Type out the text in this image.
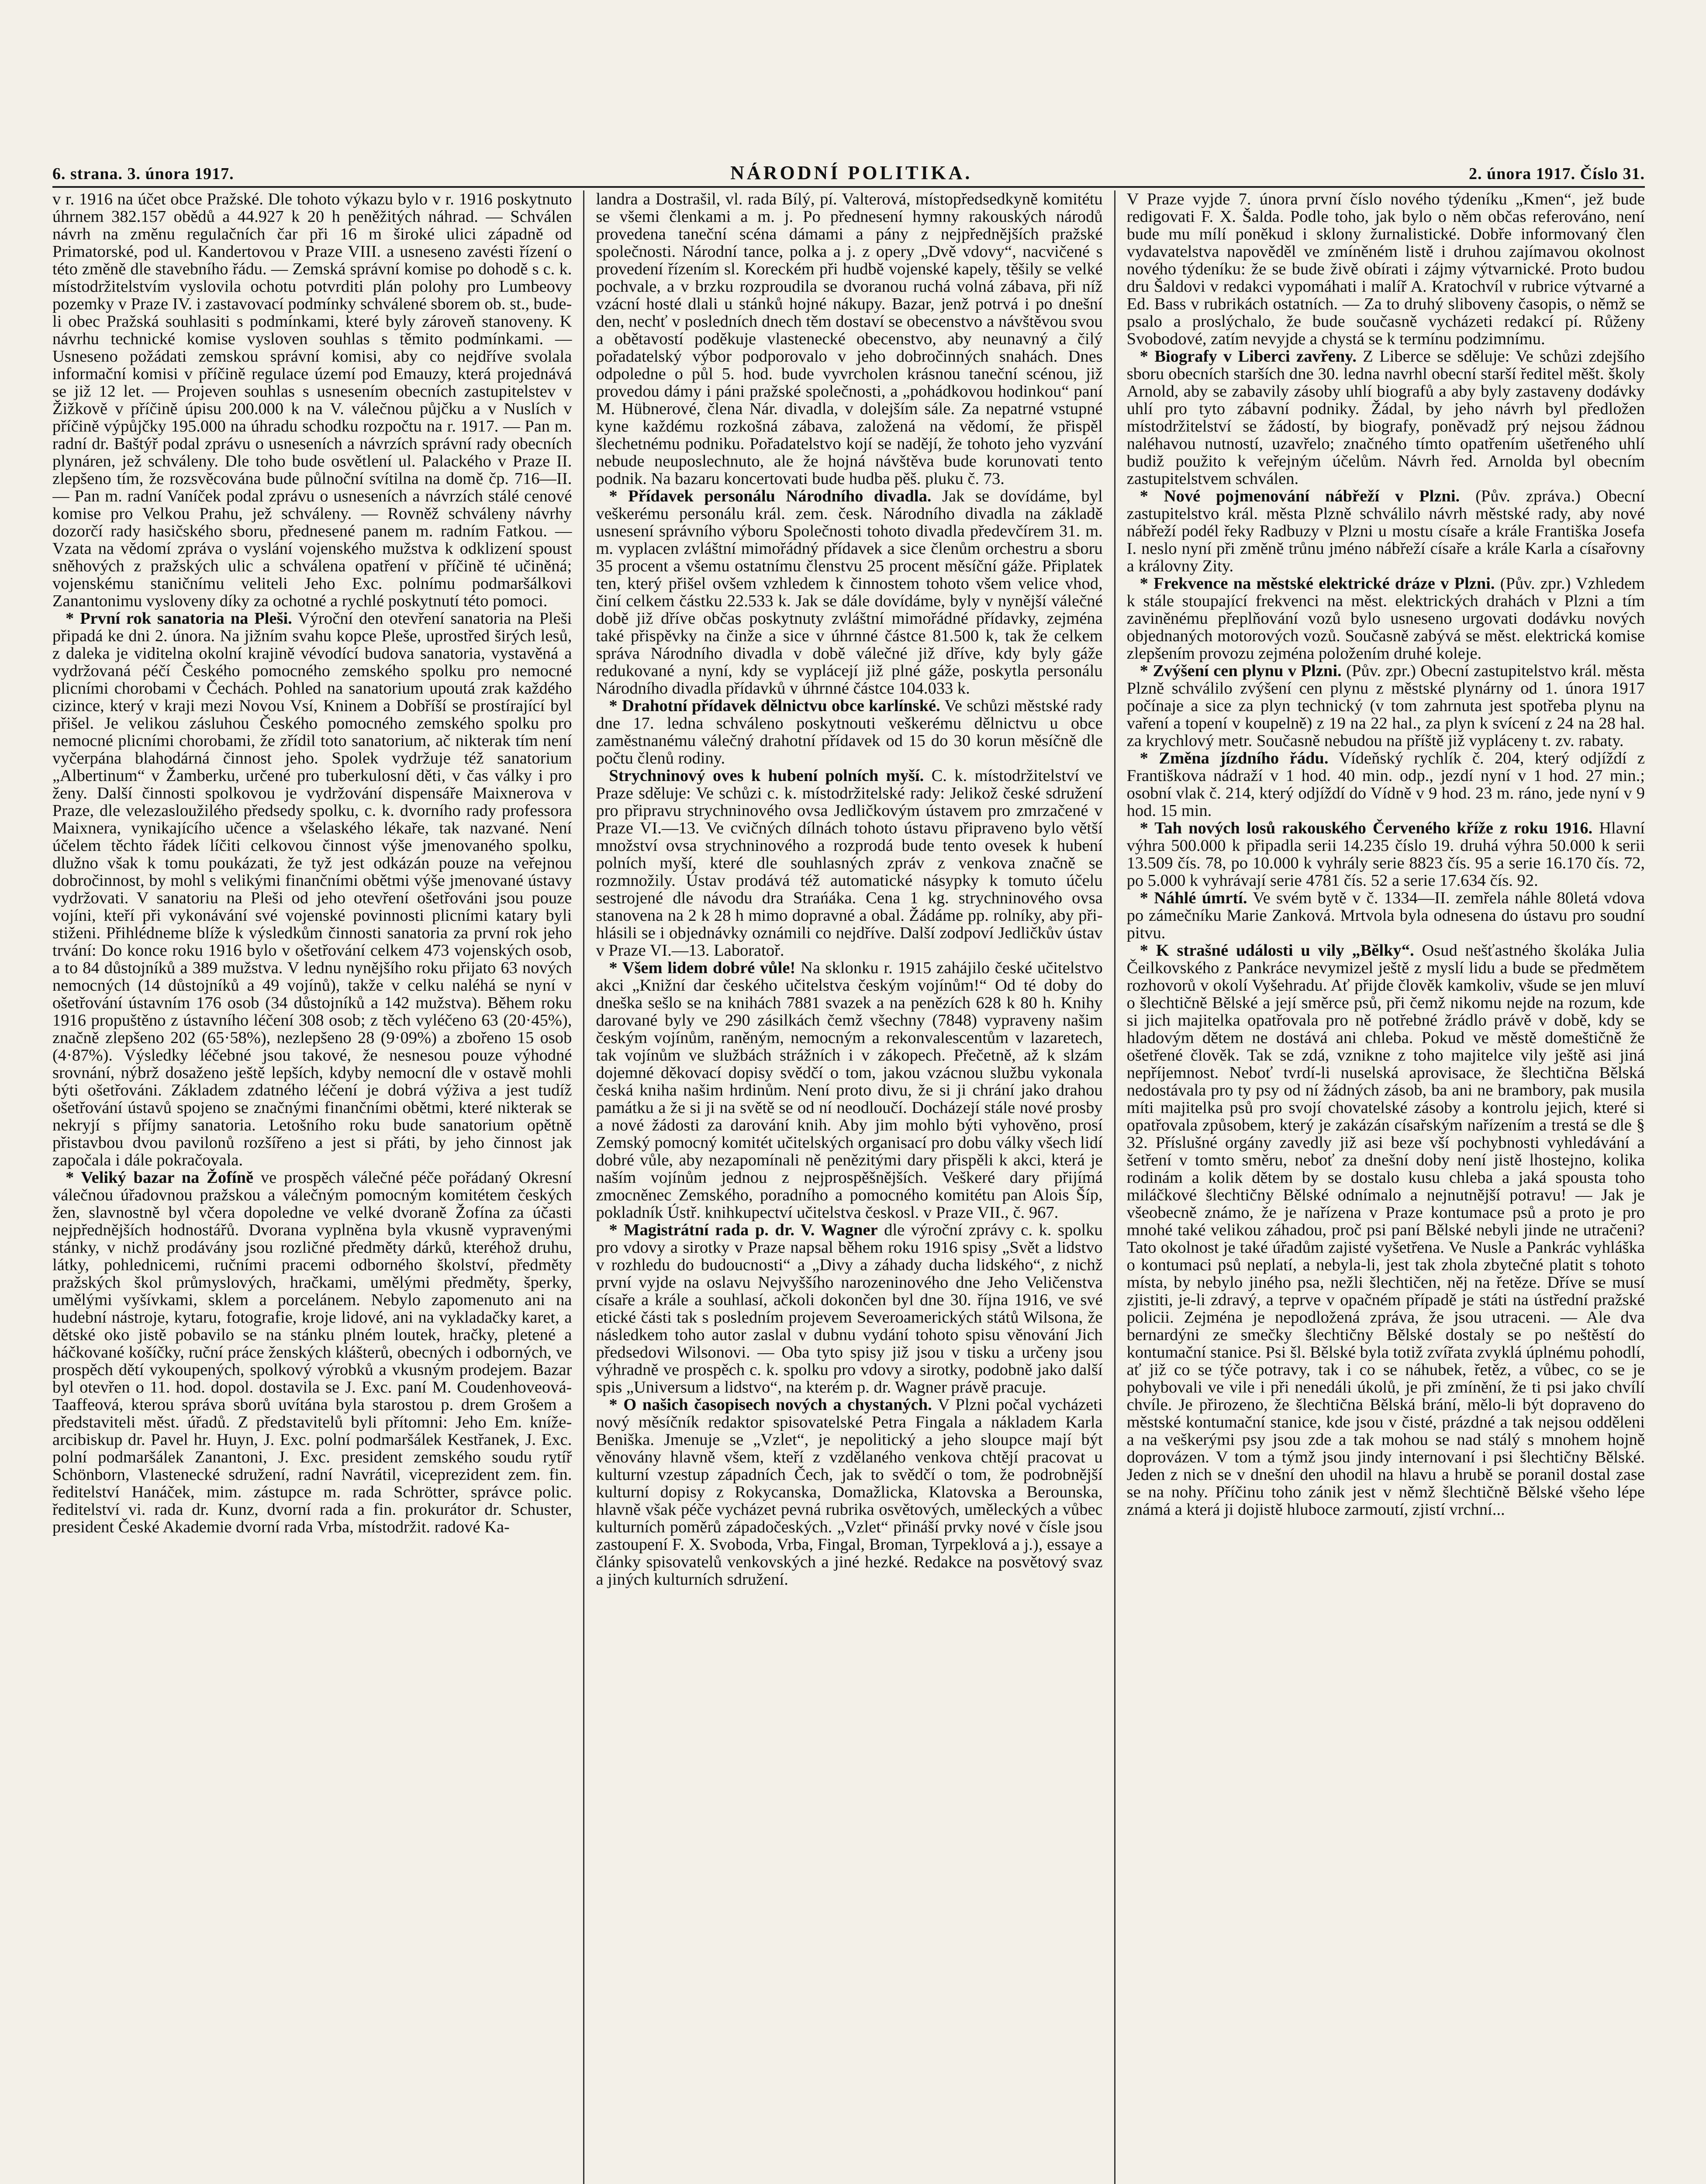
6. strana. 3. února 1917.	NÁRODNÍ POLITIKA.	2. února 1917. Číslo 31.

v r. 1916 na účet obce Pražské. Dle tohoto výkazu bylo v r. 1916 poskytnuto úhrnem 382.157 obědů a 44.927 k 20 h peněžitých náhrad. — Schválen návrh na změnu regulačních čar při 16 m široké ulici západně od Primatorské, pod ul. Kandertovou v Praze VIII. a usneseno zavésti řízení o této změně dle stavebního řádu. — Zemská správní komise po dohodě s c. k. místodržitelstvím vyslovila ochotu potvrditi plán polohy pro Lumbeovy pozemky v Praze IV. i zastavovací podmínky schválené sborem ob. st., bude-li obec Pražská souhlasiti s podmínkami, které byly zároveň stanoveny. K návrhu technické komise vysloven souhlas s těmito podmínkami. — Usneseno požádati zemskou správní komisi, aby co nejdříve svolala informační komisi v příčině regulace území pod Emauzy, která projednává se již 12 let. — Projeven souhlas s usnesením obecních zastupitelstev v Žižkově v příčině úpisu 200.000 k na V. válečnou půjčku a v Nuslích v příčině výpůjčky 195.000 na úhradu schodku rozpočtu na r. 1917. — Pan m. radní dr. Baštýř podal zprávu o usneseních a návrzích správní rady obecních plynáren, jež schváleny. Dle toho bude osvětlení ul. Palackého v Praze II. zlepšeno tím, že rozsvěcována bude půlnoční svítilna na domě čp. 716—II. — Pan m. radní Vaníček podal zprávu o usneseních a návrzích stálé cenové komise pro Velkou Prahu, jež schváleny. — Rovněž schváleny návrhy dozorčí rady hasičského sboru, přednesené panem m. radním Fatkou. — Vzata na vědomí zpráva o vyslání vojenského mužstva k odklizení spoust sněhových z pražských ulic a schválena opatření v příčině té učiněná; vojenskému staničnímu veliteli Jeho Exc. polnímu podmaršálkovi Zanantonimu vysloveny díky za ochotné a rychlé poskytnutí této pomoci.

* První rok sanatoria na Pleši. Výroční den otevření sanatoria na Pleši připadá ke dni 2. února. Na jižním svahu kopce Pleše, uprostřed širých lesů, z daleka je viditelna okolní krajině vévodící budova sanatoria, vystavěná a vydržovaná péčí Českého pomocného zemského spolku pro nemocné plicními chorobami v Čechách. Pohled na sanatorium upoutá zrak každého cizince, který v kraji mezi Novou Vsí, Kninem a Dobříší se prostírající byl přišel. Je velikou zásluhou Českého pomocného zemského spolku pro nemocné plicními chorobami, že zřídil toto sanatorium, ač nikterak tím není vyčerpána blahodárná činnost jeho. Spolek vydržuje též sanatorium „Albertinum“ v Žamberku, určené pro tuberkulosní děti, v čas války i pro ženy. Další činnosti spolkovou je vydržování dispensáře Maixnerova v Praze, dle velezasloužilého předsedy spolku, c. k. dvorního rady professora Maixnera, vynikajícího učence a všelaského lékaře, tak nazvané. Není účelem těchto řádek líčiti celkovou činnost výše jmenovaného spolku, dlužno však k tomu poukázati, že tyž jest odkázán pouze na veřejnou dobročinnost, by mohl s velikými finančními obětmi výše jmenované ústavy vydržovati. V sanatoriu na Pleši od jeho otevření ošetřováni jsou pouze vojíni, kteří při vykonávání své vojenské povinnosti plicními katary byli stiženi. Přihlédneme blíže k výsledkům činnosti sanatoria za první rok jeho trvání: Do konce roku 1916 bylo v ošetřování celkem 473 vojenských osob, a to 84 důstojníků a 389 mužstva. V lednu nynějšího roku přijato 63 nových nemocných (14 důstojníků a 49 vojínů), takže v celku naléhá se nyní v ošetřování ústavním 176 osob (34 důstojníků a 142 mužstva). Během roku 1916 propuštěno z ústavního léčení 308 osob; z těch vyléčeno 63 (20·45%), značně zlepšeno 202 (65·58%), nezlepšeno 28 (9·09%) a zbořeno 15 osob (4·87%). Výsledky léčebné jsou takové, že nesnesou pouze výhodné srovnání, nýbrž dosaženo ještě lepších, kdyby nemocní dle v ostavě mohli býti ošetřováni. Základem zdatného léčení je dobrá výživa a jest tudíž ošetřování ústavů spojeno se značnými finančními obětmi, které nikterak se nekryjí s příjmy sanatoria. Letošního roku bude sanatorium opětně přistavbou dvou pavilonů rozšířeno a jest si přáti, by jeho činnost jak započala i dále pokračovala.

* Veliký bazar na Žofíně ve prospěch válečné péče pořádaný Okresní válečnou úřadovnou pražskou a válečným pomocným komitétem českých žen, slavnostně byl včera dopoledne ve velké dvoraně Žofína za účasti nejpřednějších hodnostářů. Dvorana vyplněna byla vkusně vypravenými stánky, v nichž prodávány jsou rozličné předměty dárků, kteréhož druhu, látky, pohlednicemi, ručními pracemi odborného školství, předměty pražských škol průmyslových, hračkami, umělými předměty, šperky, umělými vyšívkami, sklem a porcelánem. Nebylo zapomenuto ani na hudební nástroje, kytaru, fotografie, kroje lidové, ani na vykladačky karet, a dětské oko jistě pobavilo se na stánku plném loutek, hračky, pletené a háčkované košíčky, ruční práce ženských klášterů, obecných i odborných, ve prospěch dětí vykoupených, spolkový výrobků a vkusným prodejem. Bazar byl otevřen o 11. hod. dopol. dostavila se J. Exc. paní M. Coudenhoveová-Taaffeová, kterou správa sborů uvítána byla starostou p. drem Grošem a představiteli měst. úřadů. Z představitelů byli přítomni: Jeho Em. kníže-arcibiskup dr. Pavel hr. Huyn, J. Exc. polní podmaršálek Kestřanek, J. Exc. polní podmaršálek Zanantoni, J. Exc. president zemského soudu rytíř Schönborn, Vlastenecké sdružení, radní Navrátil, viceprezident zem. fin. ředitelství Hanáček, mim. zástupce m. rada Schrötter, správce polic. ředitelství vi. rada dr. Kunz, dvorní rada a fin. prokurátor dr. Schuster, president České Akademie dvorní rada Vrba, místodržit. radové Ka-

landra a Dostrašil, vl. rada Bílý, pí. Valterová, místopředsedkyně komitétu se všemi členkami a m. j. Po přednesení hymny rakouských národů provedena taneční scéna dámami a pány z nejpřednějších pražské společnosti. Národní tance, polka a j. z opery „Dvě vdovy“, nacvičené s provedení řízením sl. Koreckém při hudbě vojenské kapely, těšily se velké pochvale, a v brzku rozproudila se dvoranou ruchá volná zábava, při níž vzácní hosté dlali u stánků hojné nákupy. Bazar, jenž potrvá i po dnešní den, nechť v posledních dnech těm dostaví se obecenstvo a návštěvou svou a obětavostí poděkuje vlastenecké obecenstvo, aby neunavný a čilý pořadatelský výbor podporovalo v jeho dobročinných snahách. Dnes odpoledne o půl 5. hod. bude vyvrcholen krásnou taneční scénou, již provedou dámy i páni pražské společnosti, a „pohádkovou hodinkou“ paní M. Hübnerové, člena Nár. divadla, v dolejším sále. Za nepatrné vstupné kyne každému rozkošná zábava, založená na vědomí, že přispěl šlechetnému podniku. Pořadatelstvo kojí se nadějí, že tohoto jeho vyzvání nebude neuposlechnuto, ale že hojná návštěva bude korunovati tento podnik. Na bazaru koncertovati bude hudba pěš. pluku č. 73.

* Přídavek personálu Národního divadla. Jak se dovídáme, byl veškerému personálu král. zem. česk. Národního divadla na základě usnesení správního výboru Společnosti tohoto divadla předevčírem 31. m. m. vyplacen zvláštní mimořádný přídavek a sice členům orchestru a sboru 35 procent a všemu ostatnímu členstvu 25 procent měsíční gáže. Připlatek ten, který přišel ovšem vzhledem k činnostem tohoto všem velice vhod, činí celkem částku 22.533 k. Jak se dále dovídáme, byly v nynější válečné době již dříve občas poskytnuty zvláštní mimořádné přídavky, zejména také přispěvky na činže a sice v úhrnné částce 81.500 k, tak že celkem správa Národního divadla v době válečné již dříve, kdy byly gáže redukované a nyní, kdy se vyplácejí již plné gáže, poskytla personálu Národního divadla přídavků v úhrnné částce 104.033 k.

* Drahotní přídavek dělnictvu obce karlínské. Ve schůzi městské rady dne 17. ledna schváleno poskytnouti veškerému dělnictvu u obce zaměstnanému válečný drahotní přídavek od 15 do 30 korun měsíčně dle počtu členů rodiny.

Strychninový oves k hubení polních myší. C. k. místodržitelství ve Praze sděluje: Ve schůzi c. k. místodržitelské rady: Jelikož české sdružení pro připravu strychninového ovsa Jedličkovým ústavem pro zmrzačené v Praze VI.—13. Ve cvičných dílnách tohoto ústavu připraveno bylo větší množství ovsa strychninového a rozprodá bude tento ovesek k hubení polních myší, které dle souhlasných zpráv z venkova značně se rozmnožily. Ústav prodává též automatické násypky k tomuto účelu sestrojené dle návodu dra Strańáka. Cena 1 kg. strychninového ovsa stanovena na 2 k 28 h mimo dopravné a obal. Žádáme pp. rolníky, aby při-hlásili se i objednávky oznámili co nejdříve. Další zodpoví Jedličkův ústav v Praze VI.—13. Laboratoř.

* Všem lidem dobré vůle! Na sklonku r. 1915 zahájilo české učitelstvo akci „Knižní dar českého učitelstva českým vojínům!“ Od té doby do dneška sešlo se na knihách 7881 svazek a na penězích 628 k 80 h. Knihy darované byly ve 290 zásilkách čemž všechny (7848) vypraveny našim českým vojínům, raněným, nemocným a rekonvalescentům v lazaretech, tak vojínům ve službách strážních i v zákopech. Přečetně, až k slzám dojemné děkovací dopisy svědčí o tom, jakou vzácnou službu vykonala česká kniha našim hrdinům. Není proto divu, že si ji chrání jako drahou památku a že si ji na světě se od ní neodloučí. Docházejí stále nové prosby a nové žádosti za darování knih. Aby jim mohlo býti vyhověno, prosí Zemský pomocný komitét učitelských organisací pro dobu války všech lidí dobré vůle, aby nezapomínali ně penězitými dary přispěli k akci, která je naším vojínům jednou z nejprospěšnějších. Veškeré dary přijímá zmocněnec Zemského, poradního a pomocného komitétu pan Alois Šíp, pokladník Ústř. knihkupectví učitelstva českosl. v Praze VII., č. 967.

* Magistrátní rada p. dr. V. Wagner dle výroční zprávy c. k. spolku pro vdovy a sirotky v Praze napsal během roku 1916 spisy „Svět a lidstvo v rozhledu do budoucnosti“ a „Divy a záhady ducha lidského“, z nichž první vyjde na oslavu Nejvyššího narozeninového dne Jeho Veličenstva císaře a krále a souhlasí, ačkoli dokončen byl dne 30. října 1916, ve své etické části tak s posledním projevem Severoamerických států Wilsona, že následkem toho autor zaslal v dubnu vydání tohoto spisu věnování Jich předsedovi Wilsonovi. — Oba tyto spisy již jsou v tisku a určeny jsou výhradně ve prospěch c. k. spolku pro vdovy a sirotky, podobně jako další spis „Universum a lidstvo“, na kterém p. dr. Wagner právě pracuje.

* O našich časopisech nových a chystaných. V Plzni počal vycházeti nový měsíčník redaktor spisovatelské Petra Fingala a nákladem Karla Beniška. Jmenuje se „Vzlet“, je nepolitický a jeho sloupce mají být věnovány hlavně všem, kteří z vzdělaného venkova chtějí pracovat u kulturní vzestup západních Čech, jak to svědčí o tom, že podrobnější kulturní dopisy z Rokycanska, Domažlicka, Klatovska a Berounska, hlavně však péče vycházet pevná rubrika osvětových, uměleckých a vůbec kulturních poměrů západočeských. „Vzlet“ přináší prvky nové v čísle jsou zastoupení F. X. Svoboda, Vrba, Fingal, Broman, Tyrpeklová a j.), essaye a články spisovatelů venkovských a jiné hezké. Redakce na posvětový svaz a jiných kulturních sdružení.

V Praze vyjde 7. února první číslo nového týdeníku „Kmen“, jež bude redigovati F. X. Šalda. Podle toho, jak bylo o něm občas referováno, není bude mu mílí poněkud i sklony žurnalistické. Dobře informovaný člen vydavatelstva napověděl ve zmíněném listě i druhou zajímavou okolnost nového týdeníku: že se bude živě obírati i zájmy výtvarnické. Proto budou dru Šaldovi v redakci vypomáhati i malíř A. Kratochvíl v rubrice výtvarné a Ed. Bass v rubrikách ostatních. — Za to druhý sliboveny časopis, o němž se psalo a proslýchalo, že bude současně vycházeti redakcí pí. Růženy Svobodové, zatím nevyjde a chystá se k termínu podzimnímu.

* Biografy v Liberci zavřeny. Z Liberce se sděluje: Ve schůzi zdejšího sboru obecních starších dne 30. ledna navrhl obecní starší ředitel měšt. školy Arnold, aby se zabavily zásoby uhlí biografů a aby byly zastaveny dodávky uhlí pro tyto zábavní podniky. Žádal, by jeho návrh byl předložen místodržitelství se žádostí, by biografy, poněvadž prý nejsou žádnou naléhavou nutností, uzavřelo; značného tímto opatřením ušetřeného uhlí budiž použito k veřejným účelům. Návrh řed. Arnolda byl obecním zastupitelstvem schválen.

* Nové pojmenování nábřeží v Plzni. (Pův. zpráva.) Obecní zastupitelstvo král. města Plzně schválilo návrh městské rady, aby nové nábřeží podél řeky Radbuzy v Plzni u mostu císaře a krále Františka Josefa I. neslo nyní při změně trůnu jméno nábřeží císaře a krále Karla a císařovny a královny Zity.

* Frekvence na městské elektrické dráze v Plzni. (Pův. zpr.) Vzhledem k stále stoupající frekvenci na měst. elektrických drahách v Plzni a tím zaviněnému přeplňování vozů bylo usneseno urgovati dodávku nových objednaných motorových vozů. Současně zabývá se měst. elektrická komise zlepšením provozu zejména položením druhé koleje.

* Zvýšení cen plynu v Plzni. (Pův. zpr.) Obecní zastupitelstvo král. města Plzně schválilo zvýšení cen plynu z městské plynárny od 1. února 1917 počínaje a sice za plyn technický (v tom zahrnuta jest spotřeba plynu na vaření a topení v koupelně) z 19 na 22 hal., za plyn k svícení z 24 na 28 hal. za krychlový metr. Současně nebudou na příště již vypláceny t. zv. rabaty.

* Změna jízdního řádu. Vídeňský rychlík č. 204, který odjíždí z Františkova nádraží v 1 hod. 40 min. odp., jezdí nyní v 1 hod. 27 min.; osobní vlak č. 214, který odjíždí do Vídně v 9 hod. 23 m. ráno, jede nyní v 9 hod. 15 min.

* Tah nových losů rakouského Červeného kříže z roku 1916. Hlavní výhra 500.000 k připadla serii 14.235 číslo 19. druhá výhra 50.000 k serii 13.509 čís. 78, po 10.000 k vyhrály serie 8823 čís. 95 a serie 16.170 čís. 72, po 5.000 k vyhrávají serie 4781 čís. 52 a serie 17.634 čís. 92.

* Náhlé úmrtí. Ve svém bytě v č. 1334—II. zemřela náhle 80letá vdova po zámečníku Marie Zanková. Mrtvola byla odnesena do ústavu pro soudní pitvu.

* K strašné události u vily „Bělky“. Osud nešťastného školáka Julia Čeilkovského z Pankrácе nevymizel ještě z myslí lidu a bude se předmětem rozhovorů v okolí Vyšehradu. Ať přijde člověk kamkoliv, všude se jen mluví o šlechtičně Bělské a její směrce psů, při čemž nikomu nejde na rozum, kde si jich majitelka opatřovala pro ně potřebné žrádlo právě v době, kdy se hladovým dětem ne dostává ani chleba. Pokud ve městě domeštičně že ošetřené člověk. Tak se zdá, vznikne z toho majitelce vily ještě asi jiná nepříjemnost. Neboť tvrdí-li nuselská aprovisace, že šlechtična Bělská nedostávala pro ty psy od ní žádných zásob, ba ani ne brambory, pak musila míti majitelka psů pro svojí chovatelské zásoby a kontrolu jejich, které si opatřovala způsobem, který je zakázán císařským nařízením a trestá se dle § 32. Příslušné orgány zavedly již asi beze vší pochybnosti vyhledávání a šetření v tomto směru, neboť za dnešní doby není jistě lhostejno, kolika rodinám a kolik dětem by se dostalo kusu chleba a jaká spousta toho miláčkové šlechtičny Bělské odnímalo a nejnutnější potravu! — Jak je všeobecně známo, že je nařízena v Praze kontumace psů a proto je pro mnohé také velikou záhadou, proč psi paní Bělské nebyli jinde ne utračeni? Tato okolnost je také úřadům zajisté vyšetřena. Ve Nusle a Pankrác vyhláška o kontumaci psů neplatí, a nebyla-li, jest tak zhola zbytečné platit s tohoto místa, by nebylo jiného psa, nežli šlechtičen, něj na řetěze. Dříve se musí zjistiti, je-li zdravý, a teprve v opačném případě je státi na ústřední pražské policii. Zejména je nepodložená zpráva, že jsou utraceni. — Ale dva bernardýni ze smečky šlechtičny Bělské dostaly se po neštěstí do kontumační stanice. Psi šl. Bělské byla totiž zvířata zvyklá úplnému pohodlí, ať již co se týče potravy, tak i co se náhubek, řetěz, a vůbec, co se je pohybovali ve vile i při nenedáli úkolů, je při zmínění, že ti psi jako chvílí chvíle. Je přirozeno, že šlechtična Bělská brání, mělo-li být dopraveno do městské kontumační stanice, kde jsou v čisté, prázdné a tak nejsou odděleni a na veškerými psy jsou zde a tak mohou se nad stálý s mnohem hojně doprovázen. V tom a týmž jsou jindy internovaní i psi šlechtičny Bělské. Jeden z nich se v dnešní den uhodil na hlavu a hrubě se poranil dostal zase se na nohy. Příčinu toho zánik jest v němž šlechtičně Bělské všeho lépe známá a která ji dojistě hluboce zarmoutí, zjistí vrchní...
